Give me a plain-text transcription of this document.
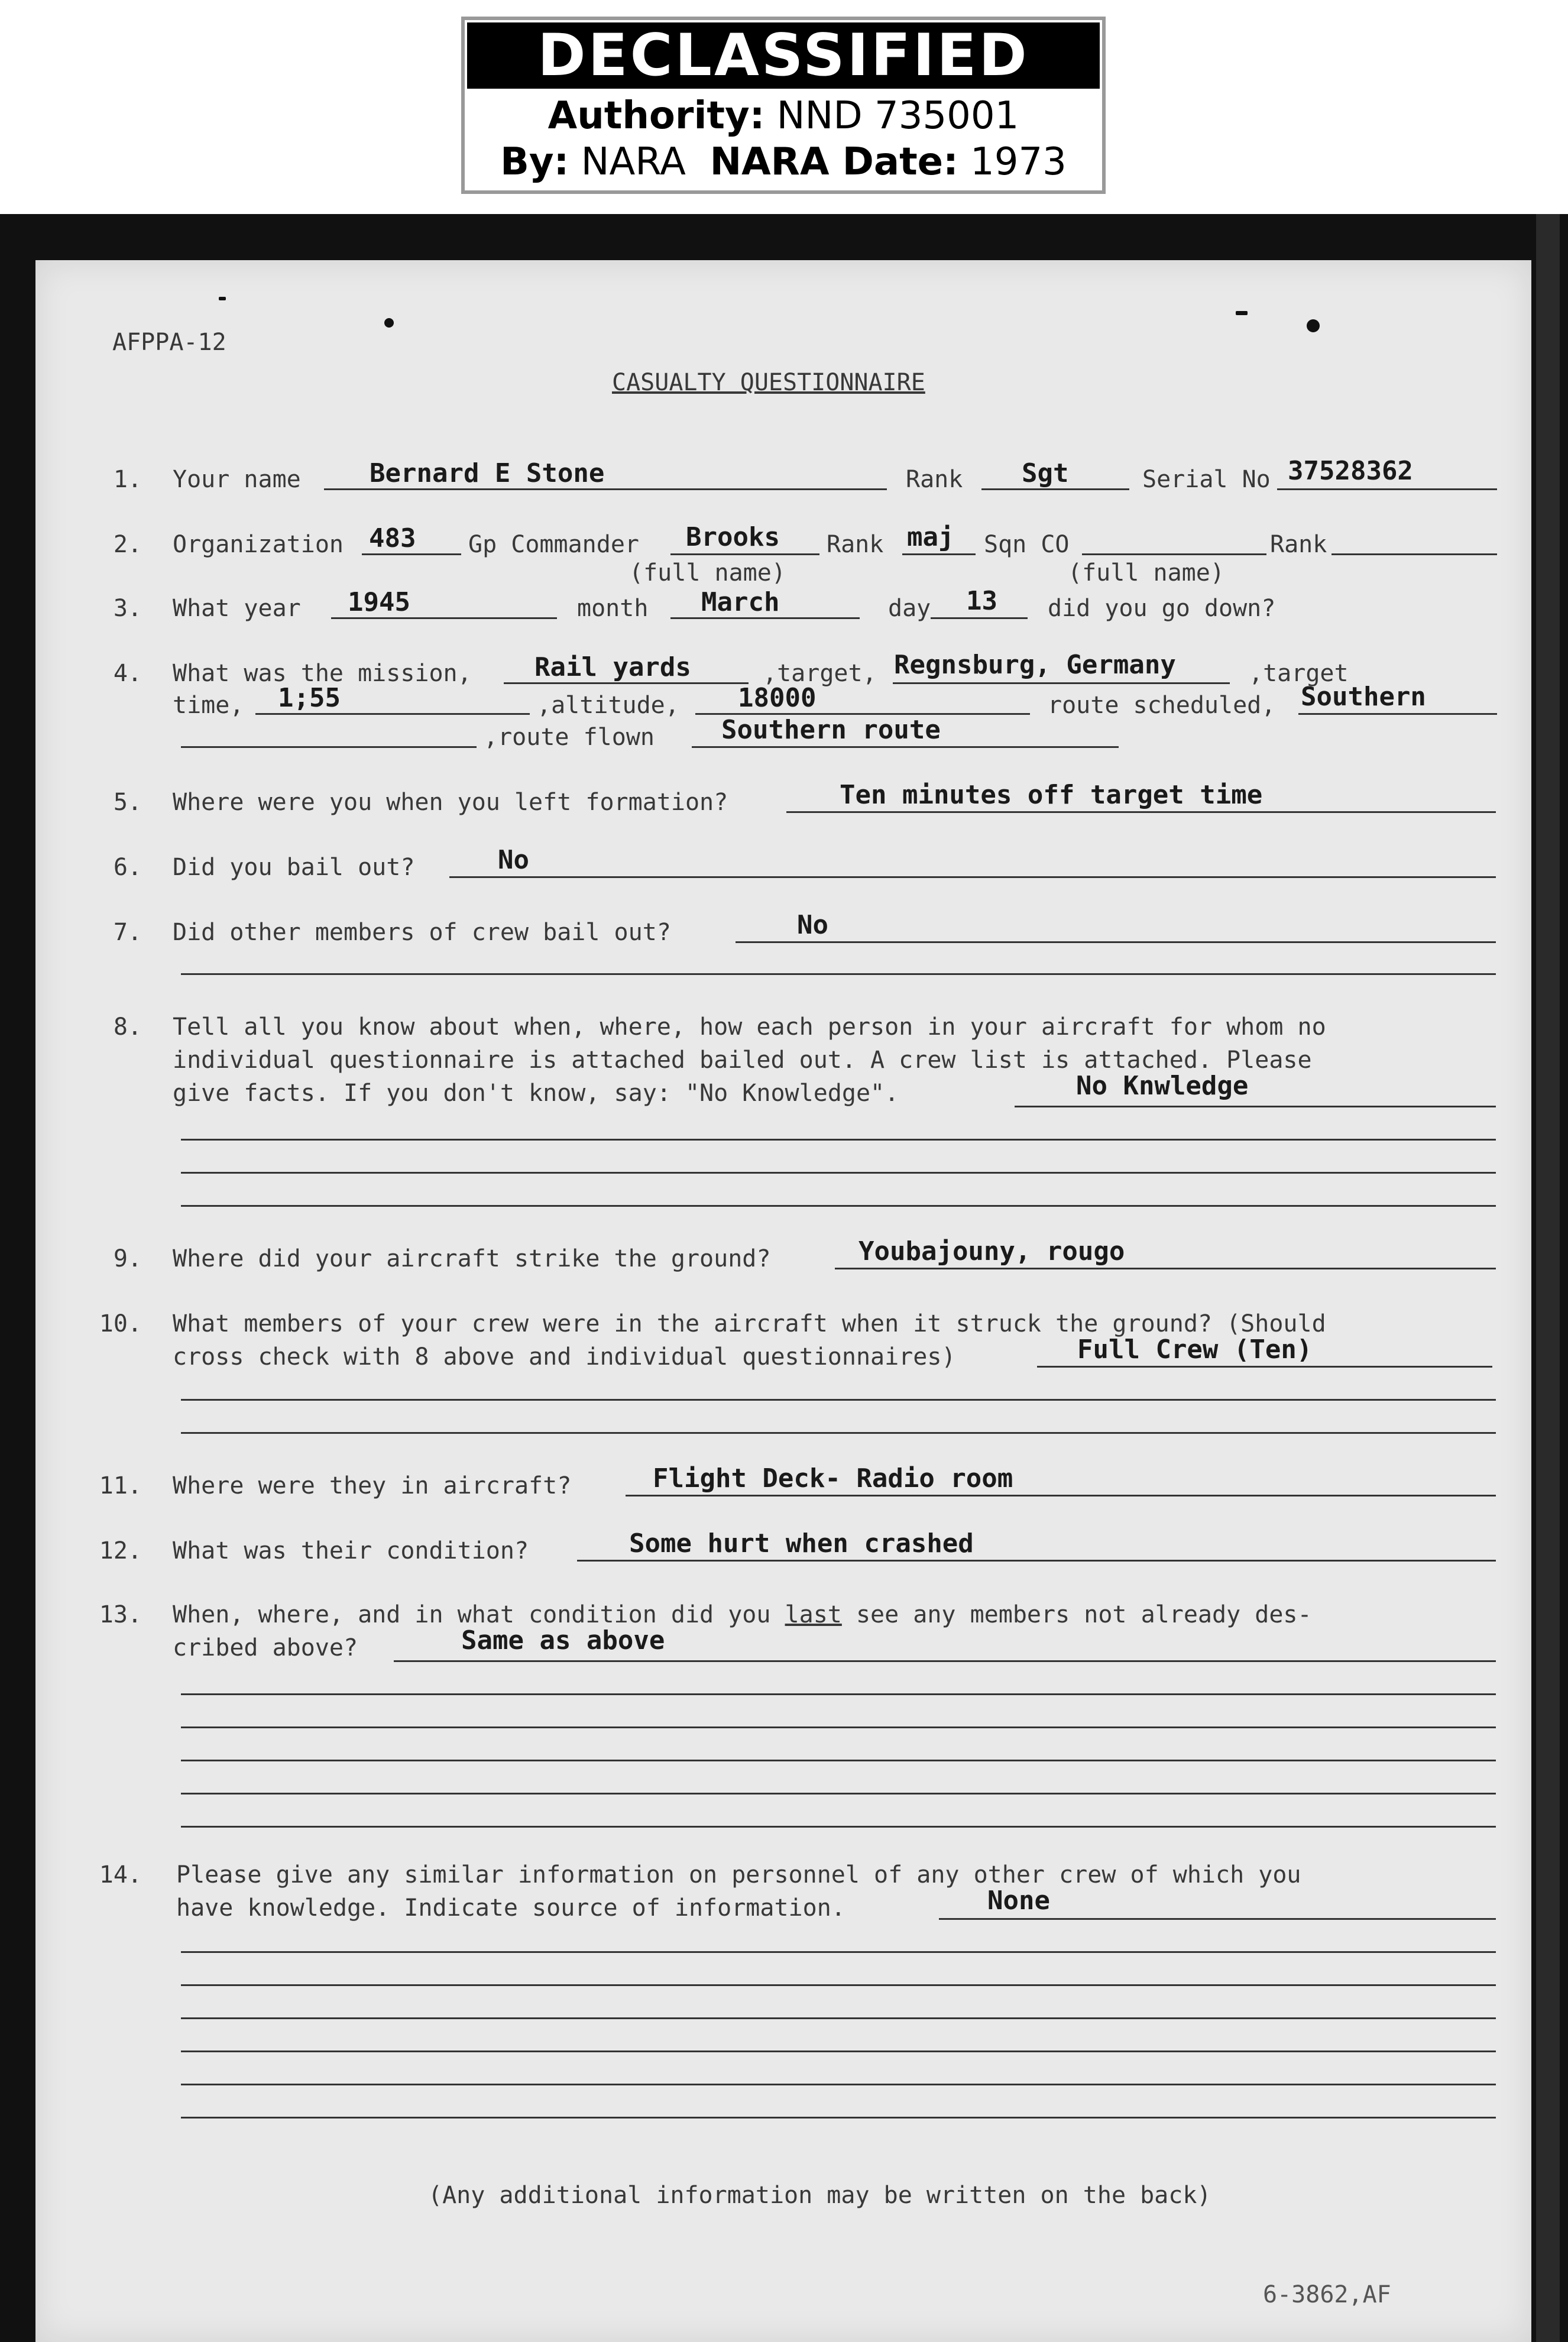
DECLASSIFIED
Authority: NND 735001
By: NARA NARA Date: 1973
AFPPA-12
CASUALTY QUESTIONNAIRE
1. Your name	Bernard E Stone	Rank Sgt	Serial No 37528362
2. Organization 483 Gp Commander Brooks Rank maj Sqn CO	Rank
(full name)	(full name)
3. What year 1945	month March	day 13 did you go down?
4. What was the mission, Rail yards	,target, Regnsburg, Germany	,target
time, 1;55	,altitude, 18000	route scheduled, Southern
,route flown	Southern route
5. Where were you when you left formation?	Ten minutes off target time
6. Did you bail out?	No
7. Did other members of crew bail out?	No
8. Tell all you know about when, where, how each person in your aircraft for whom no
individual questionnaire is attached bailed out. A crew list is attached. Please
give facts. If you don't know, say: "No Knowledge".	No Knwledge
9. Where did your aircraft strike the ground?	Youbajouny, rougo
10. What members of your crew were in the aircraft when it struck the ground? (Should
cross check with 8 above and individual questionnaires)	Full Crew (Ten)
11. Where were they in aircraft?	Flight Deck- Radio room
12. What was their condition?	Some hurt when crashed
13. When, where, and in what condition did you last see any members not already des-
cribed above?	Same as above
14. Please give any similar information on personnel of any other crew of which you
have knowledge. Indicate source of information.	None
(Any additional information may be written on the back)
6-3862,AF
